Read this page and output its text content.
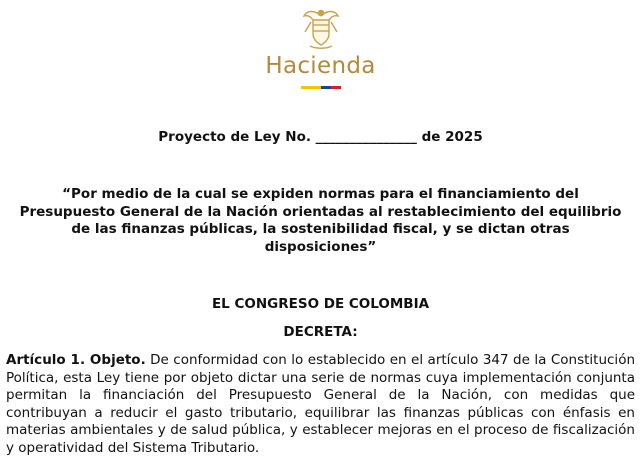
Hacienda
Proyecto de Ley No. _______________ de 2025
“Por medio de la cual se expiden normas para el financiamiento del
Presupuesto General de la Nación orientadas al restablecimiento del equilibrio
de las finanzas públicas, la sostenibilidad fiscal, y se dictan otras
disposiciones”
EL CONGRESO DE COLOMBIA
DECRETA:
Artículo 1. Objeto. De conformidad con lo establecido en el artículo 347 de la Constitución Política, esta Ley tiene por objeto dictar una serie de normas cuya implementación conjunta permitan la financiación del Presupuesto General de la Nación, con medidas que contribuyan a reducir el gasto tributario, equilibrar las finanzas públicas con énfasis en materias ambientales y de salud pública, y establecer mejoras en el proceso de fiscalización y operatividad del Sistema Tributario.
